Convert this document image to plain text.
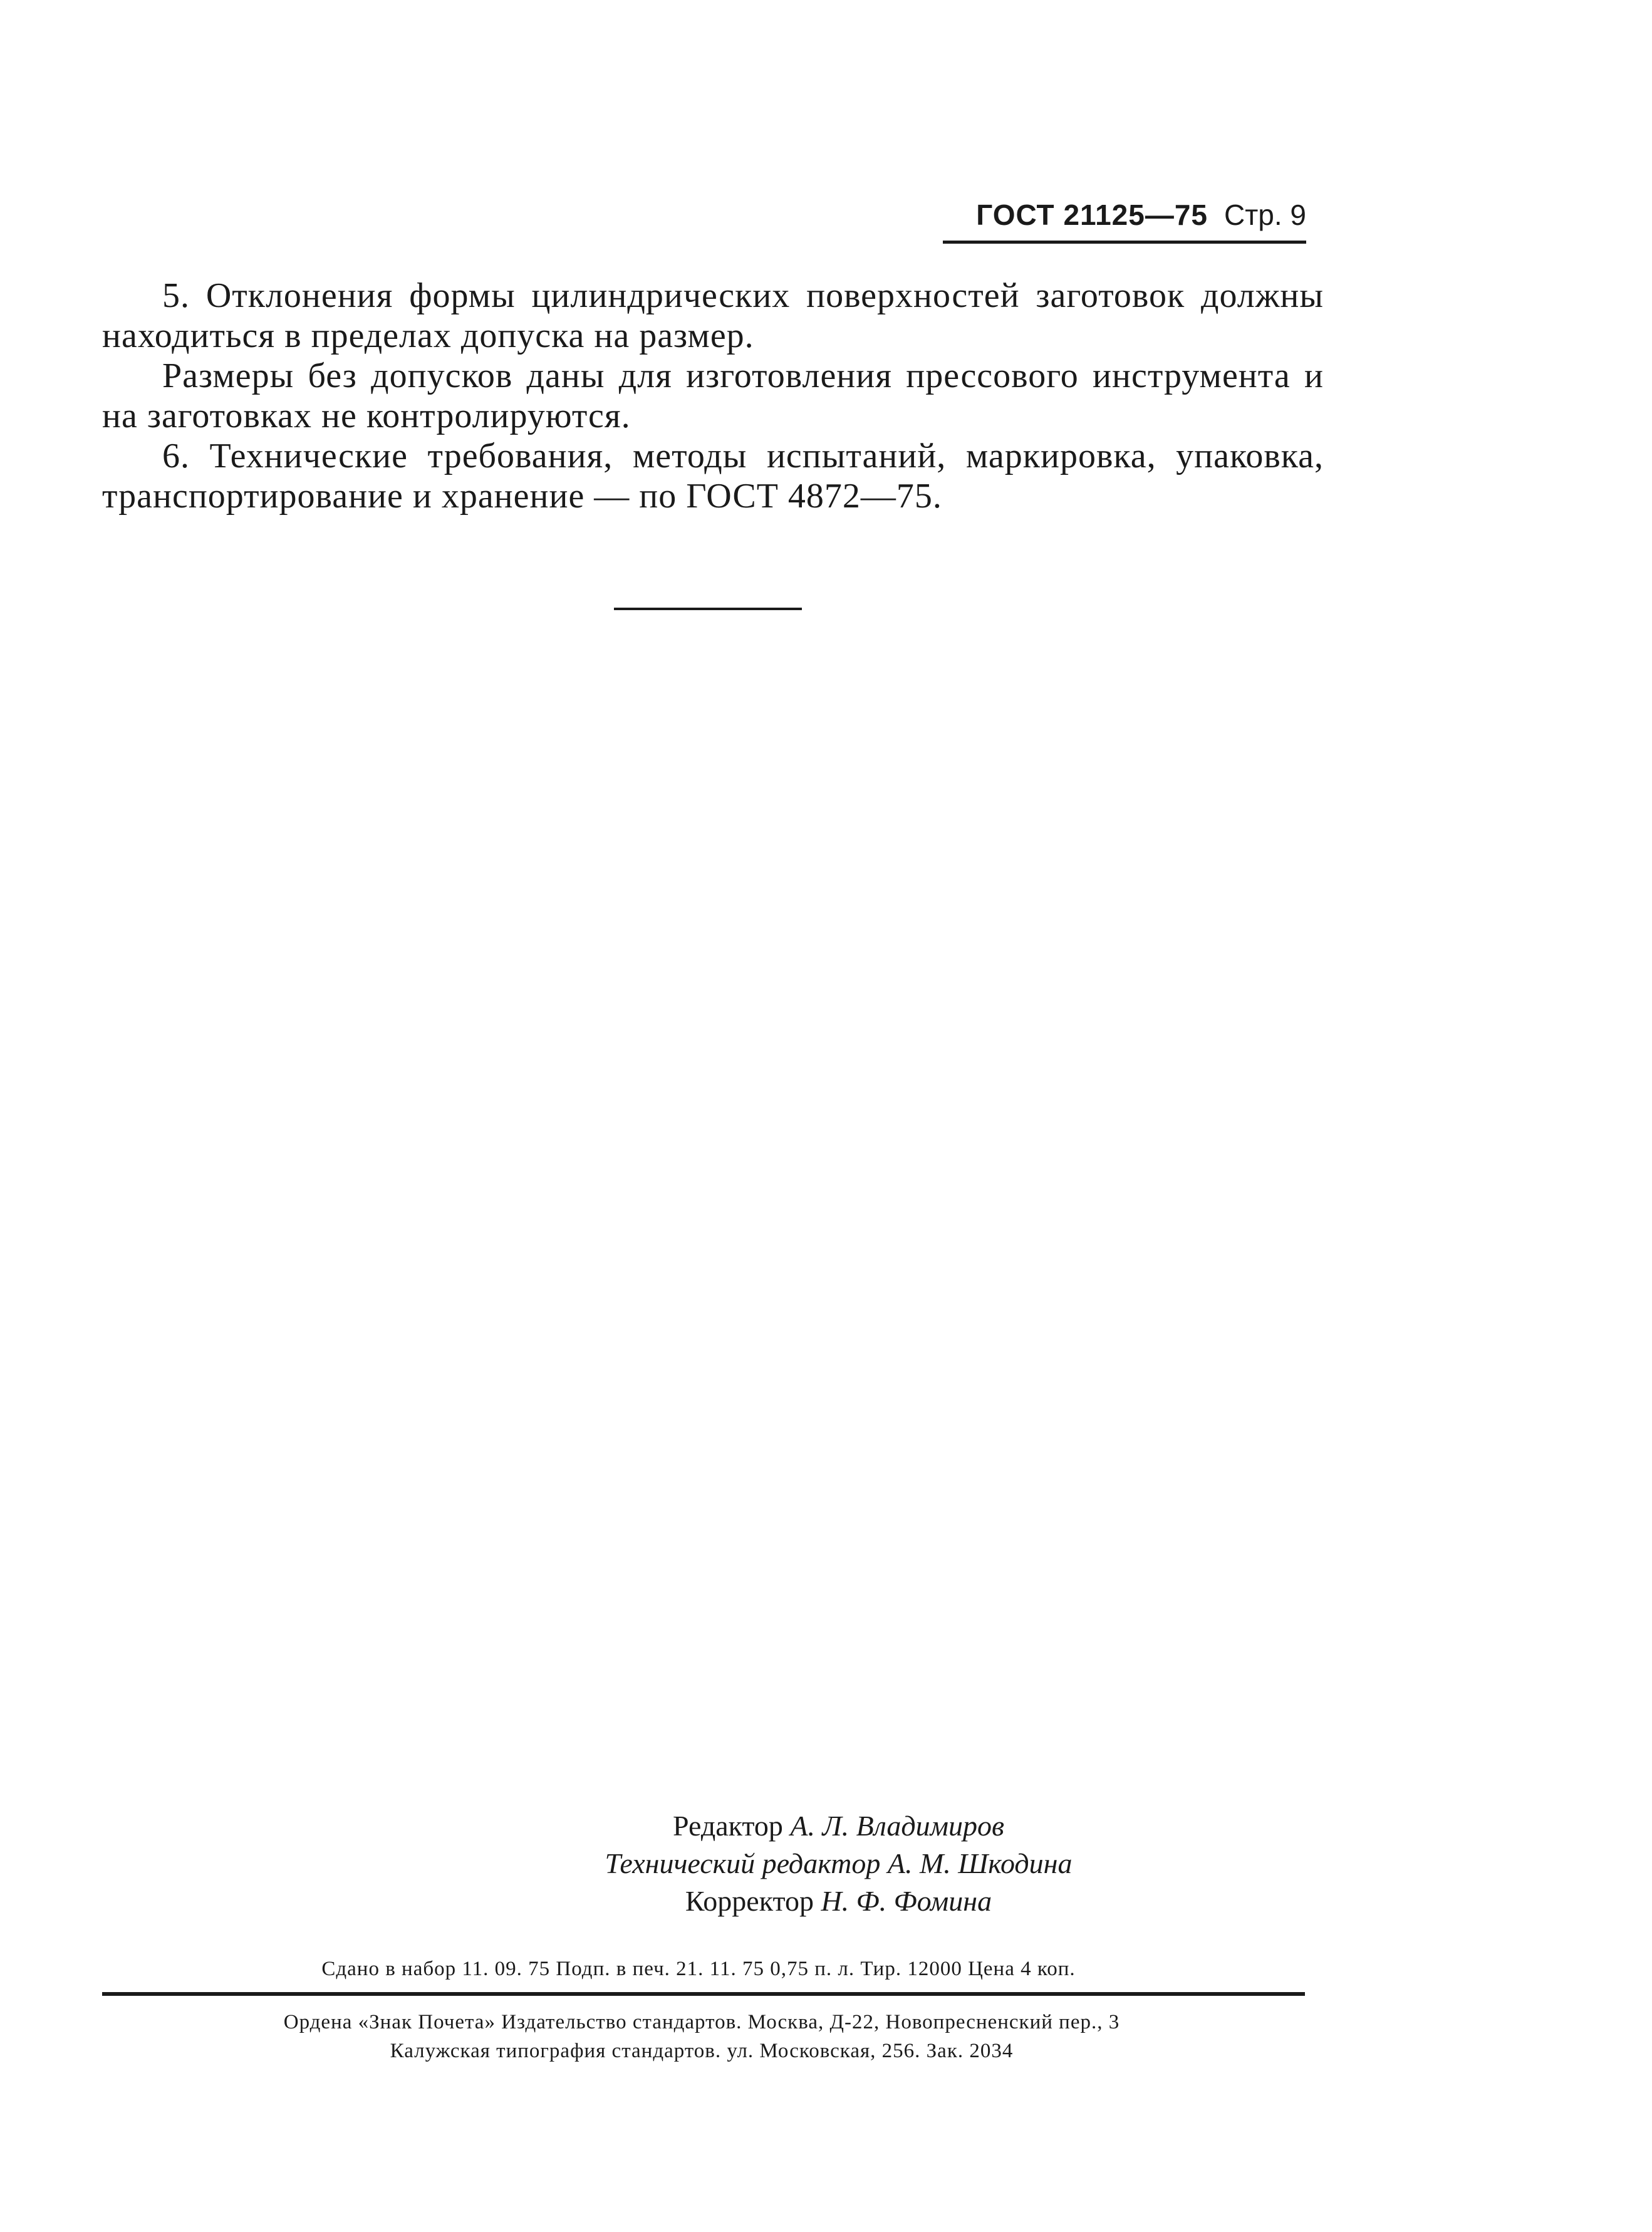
ГОСТ 21125—75 Стр. 9

5. Отклонения формы цилиндрических поверхностей заготовок должны находиться в пределах допуска на размер.

Размеры без допусков даны для изготовления прессового инструмента и на заготовках не контролируются.

6. Технические требования, методы испытаний, маркировка, упаковка, транспортирование и хранение — по ГОСТ 4872—75.

Редактор А. Л. Владимиров
Технический редактор А. М. Шкодина
Корректор Н. Ф. Фомина
Сдано в набор 11. 09. 75 Подп. в печ. 21. 11. 75 0,75 п. л. Тир. 12000 Цена 4 коп.
Ордена «Знак Почета» Издательство стандартов. Москва, Д-22, Новопресненский пер., 3
Калужская типография стандартов. ул. Московская, 256. Зак. 2034
